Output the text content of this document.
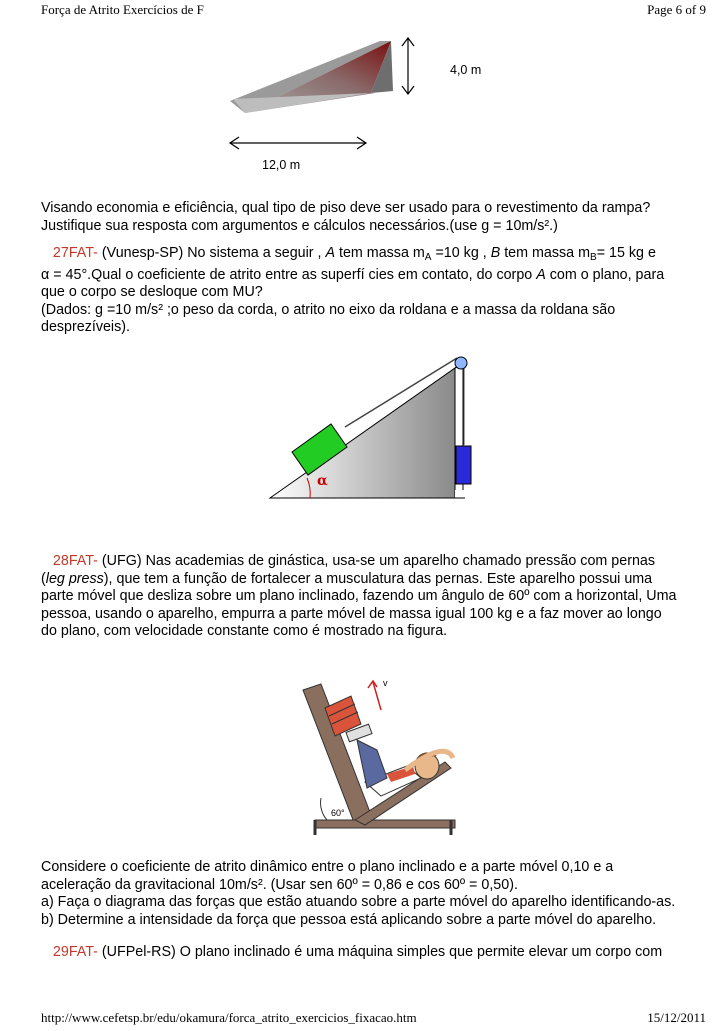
Força de Atrito Exercícios de F	Page 6 of 9
4,0 m
12,0 m
Visando economia e eficiência, qual tipo de piso deve ser usado para o revestimento da rampa?
Justifique sua resposta com argumentos e cálculos necessários.(use g = 10m/s².)
27FAT- (Vunesp-SP) No sistema a seguir , A tem massa $m_A =10$ kg , B tem massa $m_B= 15$ kg e
α = 45°.Qual o coeficiente de atrito entre as superfí cies em contato, do corpo A com o plano, para
que o corpo se desloque com MU?
(Dados: g =10 m/s² ;o peso da corda, o atrito no eixo da roldana e a massa da roldana são
desprezíveis).
α
28FAT- (UFG) Nas academias de ginástica, usa-se um aparelho chamado pressão com pernas
(leg press), que tem a função de fortalecer a musculatura das pernas. Este aparelho possui uma
parte móvel que desliza sobre um plano inclinado, fazendo um ângulo de 60º com a horizontal, Uma
pessoa, usando o aparelho, empurra a parte móvel de massa igual 100 kg e a faz mover ao longo
do plano, com velocidade constante como é mostrado na figura.
v
60°
Considere o coeficiente de atrito dinâmico entre o plano inclinado e a parte móvel 0,10 e a
aceleração da gravitacional 10m/s². (Usar sen 60º = 0,86 e cos 60º = 0,50).
a) Faça o diagrama das forças que estão atuando sobre a parte móvel do aparelho identificando-as.
b) Determine a intensidade da força que pessoa está aplicando sobre a parte móvel do aparelho.
29FAT- (UFPel-RS) O plano inclinado é uma máquina simples que permite elevar um corpo com
http://www.cefetsp.br/edu/okamura/forca_atrito_exercicios_fixacao.htm	15/12/2011
